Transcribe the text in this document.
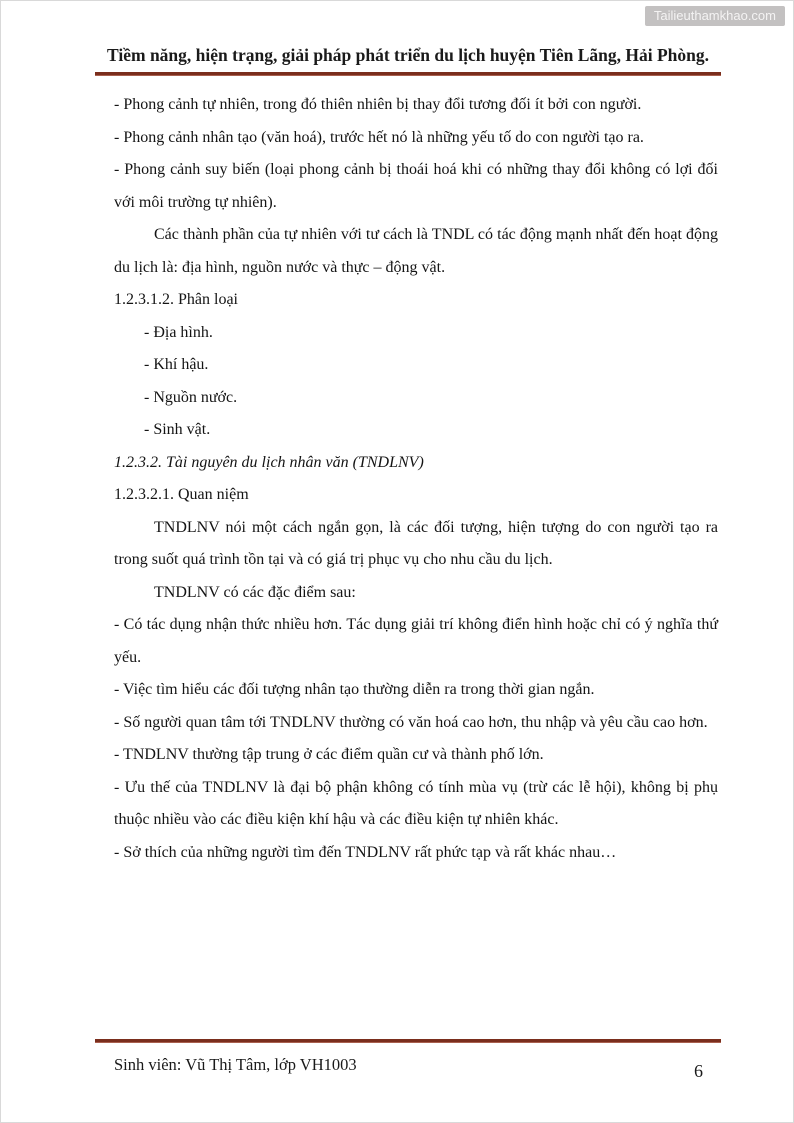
Tailieuthamkhao.com
Tiềm năng, hiện trạng, giải pháp phát triển du lịch huyện Tiên Lãng, Hải Phòng.

- Phong cảnh tự nhiên, trong đó thiên nhiên bị thay đổi tương đối ít bởi con người.

- Phong cảnh nhân tạo (văn hoá), trước hết nó là những yếu tố do con người tạo ra.

- Phong cảnh suy biến (loại phong cảnh bị thoái hoá khi có những thay đổi không có lợi đối với môi trường tự nhiên).

Các thành phần của tự nhiên với tư cách là TNDL có tác động mạnh nhất đến hoạt động du lịch là: địa hình, nguồn nước và thực – động vật.

1.2.3.1.2. Phân loại

- Địa hình.

- Khí hậu.

- Nguồn nước.

- Sinh vật.

1.2.3.2. Tài nguyên du lịch nhân văn (TNDLNV)

1.2.3.2.1. Quan niệm

TNDLNV nói một cách ngắn gọn, là các đối tượng, hiện tượng do con người tạo ra trong suốt quá trình tồn tại và có giá trị phục vụ cho nhu cầu du lịch.

TNDLNV có các đặc điểm sau:

- Có tác dụng nhận thức nhiều hơn. Tác dụng giải trí không điển hình hoặc chỉ có ý nghĩa thứ yếu.

- Việc tìm hiểu các đối tượng nhân tạo thường diễn ra trong thời gian ngắn.

- Số người quan tâm tới TNDLNV thường có văn hoá cao hơn, thu nhập và yêu cầu cao hơn.

- TNDLNV thường tập trung ở các điểm quần cư và thành phố lớn.

- Ưu thế của TNDLNV là đại bộ phận không có tính mùa vụ (trừ các lễ hội), không bị phụ thuộc nhiều vào các điều kiện khí hậu và các điều kiện tự nhiên khác.

- Sở thích của những người tìm đến TNDLNV rất phức tạp và rất khác nhau…

Sinh viên: Vũ Thị Tâm, lớp VH1003	6
